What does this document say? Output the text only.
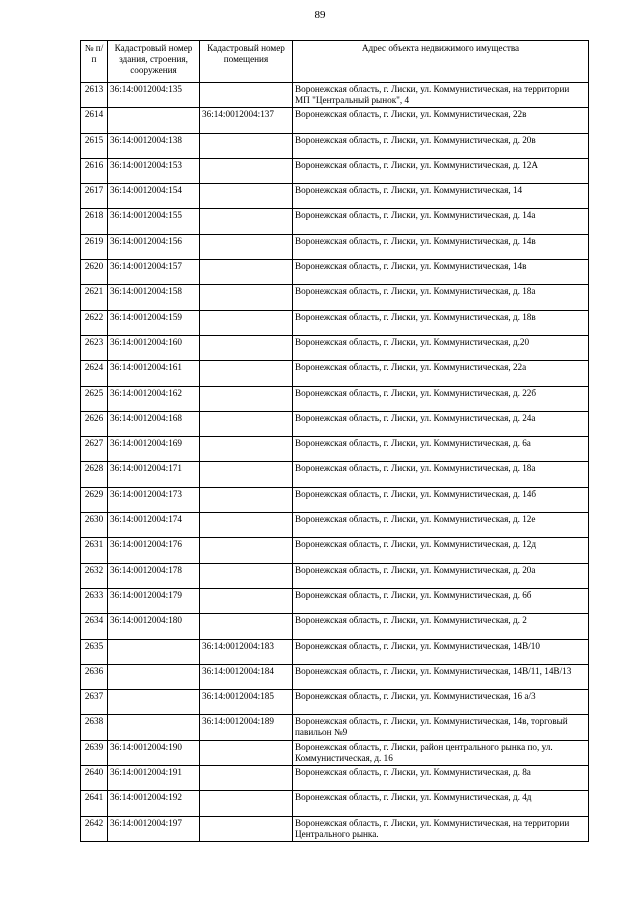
89
№ п/п	Кадастровый номер здания, строения, сооружения	Кадастровый номер помещения	Адрес объекта недвижимого имущества
2613	36:14:0012004:135		Воронежская область, г. Лиски, ул. Коммунистическая, на территории МП "Центральный рынок", 4
2614		36:14:0012004:137	Воронежская область, г. Лиски, ул. Коммунистическая, 22в
2615	36:14:0012004:138		Воронежская область, г. Лиски, ул. Коммунистическая, д. 20в
2616	36:14:0012004:153		Воронежская область, г. Лиски, ул. Коммунистическая, д. 12А
2617	36:14:0012004:154		Воронежская область, г. Лиски, ул. Коммунистическая, 14
2618	36:14:0012004:155		Воронежская область, г. Лиски, ул. Коммунистическая, д. 14а
2619	36:14:0012004:156		Воронежская область, г. Лиски, ул. Коммунистическая, д. 14в
2620	36:14:0012004:157		Воронежская область, г. Лиски, ул. Коммунистическая, 14в
2621	36:14:0012004:158		Воронежская область, г. Лиски, ул. Коммунистическая, д. 18а
2622	36:14:0012004:159		Воронежская область, г. Лиски, ул. Коммунистическая, д. 18в
2623	36:14:0012004:160		Воронежская область, г. Лиски, ул. Коммунистическая, д.20
2624	36:14:0012004:161		Воронежская область, г. Лиски, ул. Коммунистическая, 22а
2625	36:14:0012004:162		Воронежская область, г. Лиски, ул. Коммунистическая, д. 22б
2626	36:14:0012004:168		Воронежская область, г. Лиски, ул. Коммунистическая, д. 24а
2627	36:14:0012004:169		Воронежская область, г. Лиски, ул. Коммунистическая, д. 6а
2628	36:14:0012004:171		Воронежская область, г. Лиски, ул. Коммунистическая, д. 18а
2629	36:14:0012004:173		Воронежская область, г. Лиски, ул. Коммунистическая, д. 14б
2630	36:14:0012004:174		Воронежская область, г. Лиски, ул. Коммунистическая, д. 12е
2631	36:14:0012004:176		Воронежская область, г. Лиски, ул. Коммунистическая, д. 12д
2632	36:14:0012004:178		Воронежская область, г. Лиски, ул. Коммунистическая, д. 20а
2633	36:14:0012004:179		Воронежская область, г. Лиски, ул. Коммунистическая, д. 6б
2634	36:14:0012004:180		Воронежская область, г. Лиски, ул. Коммунистическая, д. 2
2635		36:14:0012004:183	Воронежская область, г. Лиски, ул. Коммунистическая, 14В/10
2636		36:14:0012004:184	Воронежская область, г. Лиски, ул. Коммунистическая, 14В/11, 14В/13
2637		36:14:0012004:185	Воронежская область, г. Лиски, ул. Коммунистическая, 16 а/3
2638		36:14:0012004:189	Воронежская область, г. Лиски, ул. Коммунистическая, 14в, торговый павильон №9
2639	36:14:0012004:190		Воронежская область, г. Лиски, район центрального рынка по, ул. Коммунистическая, д. 16
2640	36:14:0012004:191		Воронежская область, г. Лиски, ул. Коммунистическая, д. 8а
2641	36:14:0012004:192		Воронежская область, г. Лиски, ул. Коммунистическая, д. 4д
2642	36:14:0012004:197		Воронежская область, г. Лиски, ул. Коммунистическая, на территории Центрального рынка.
